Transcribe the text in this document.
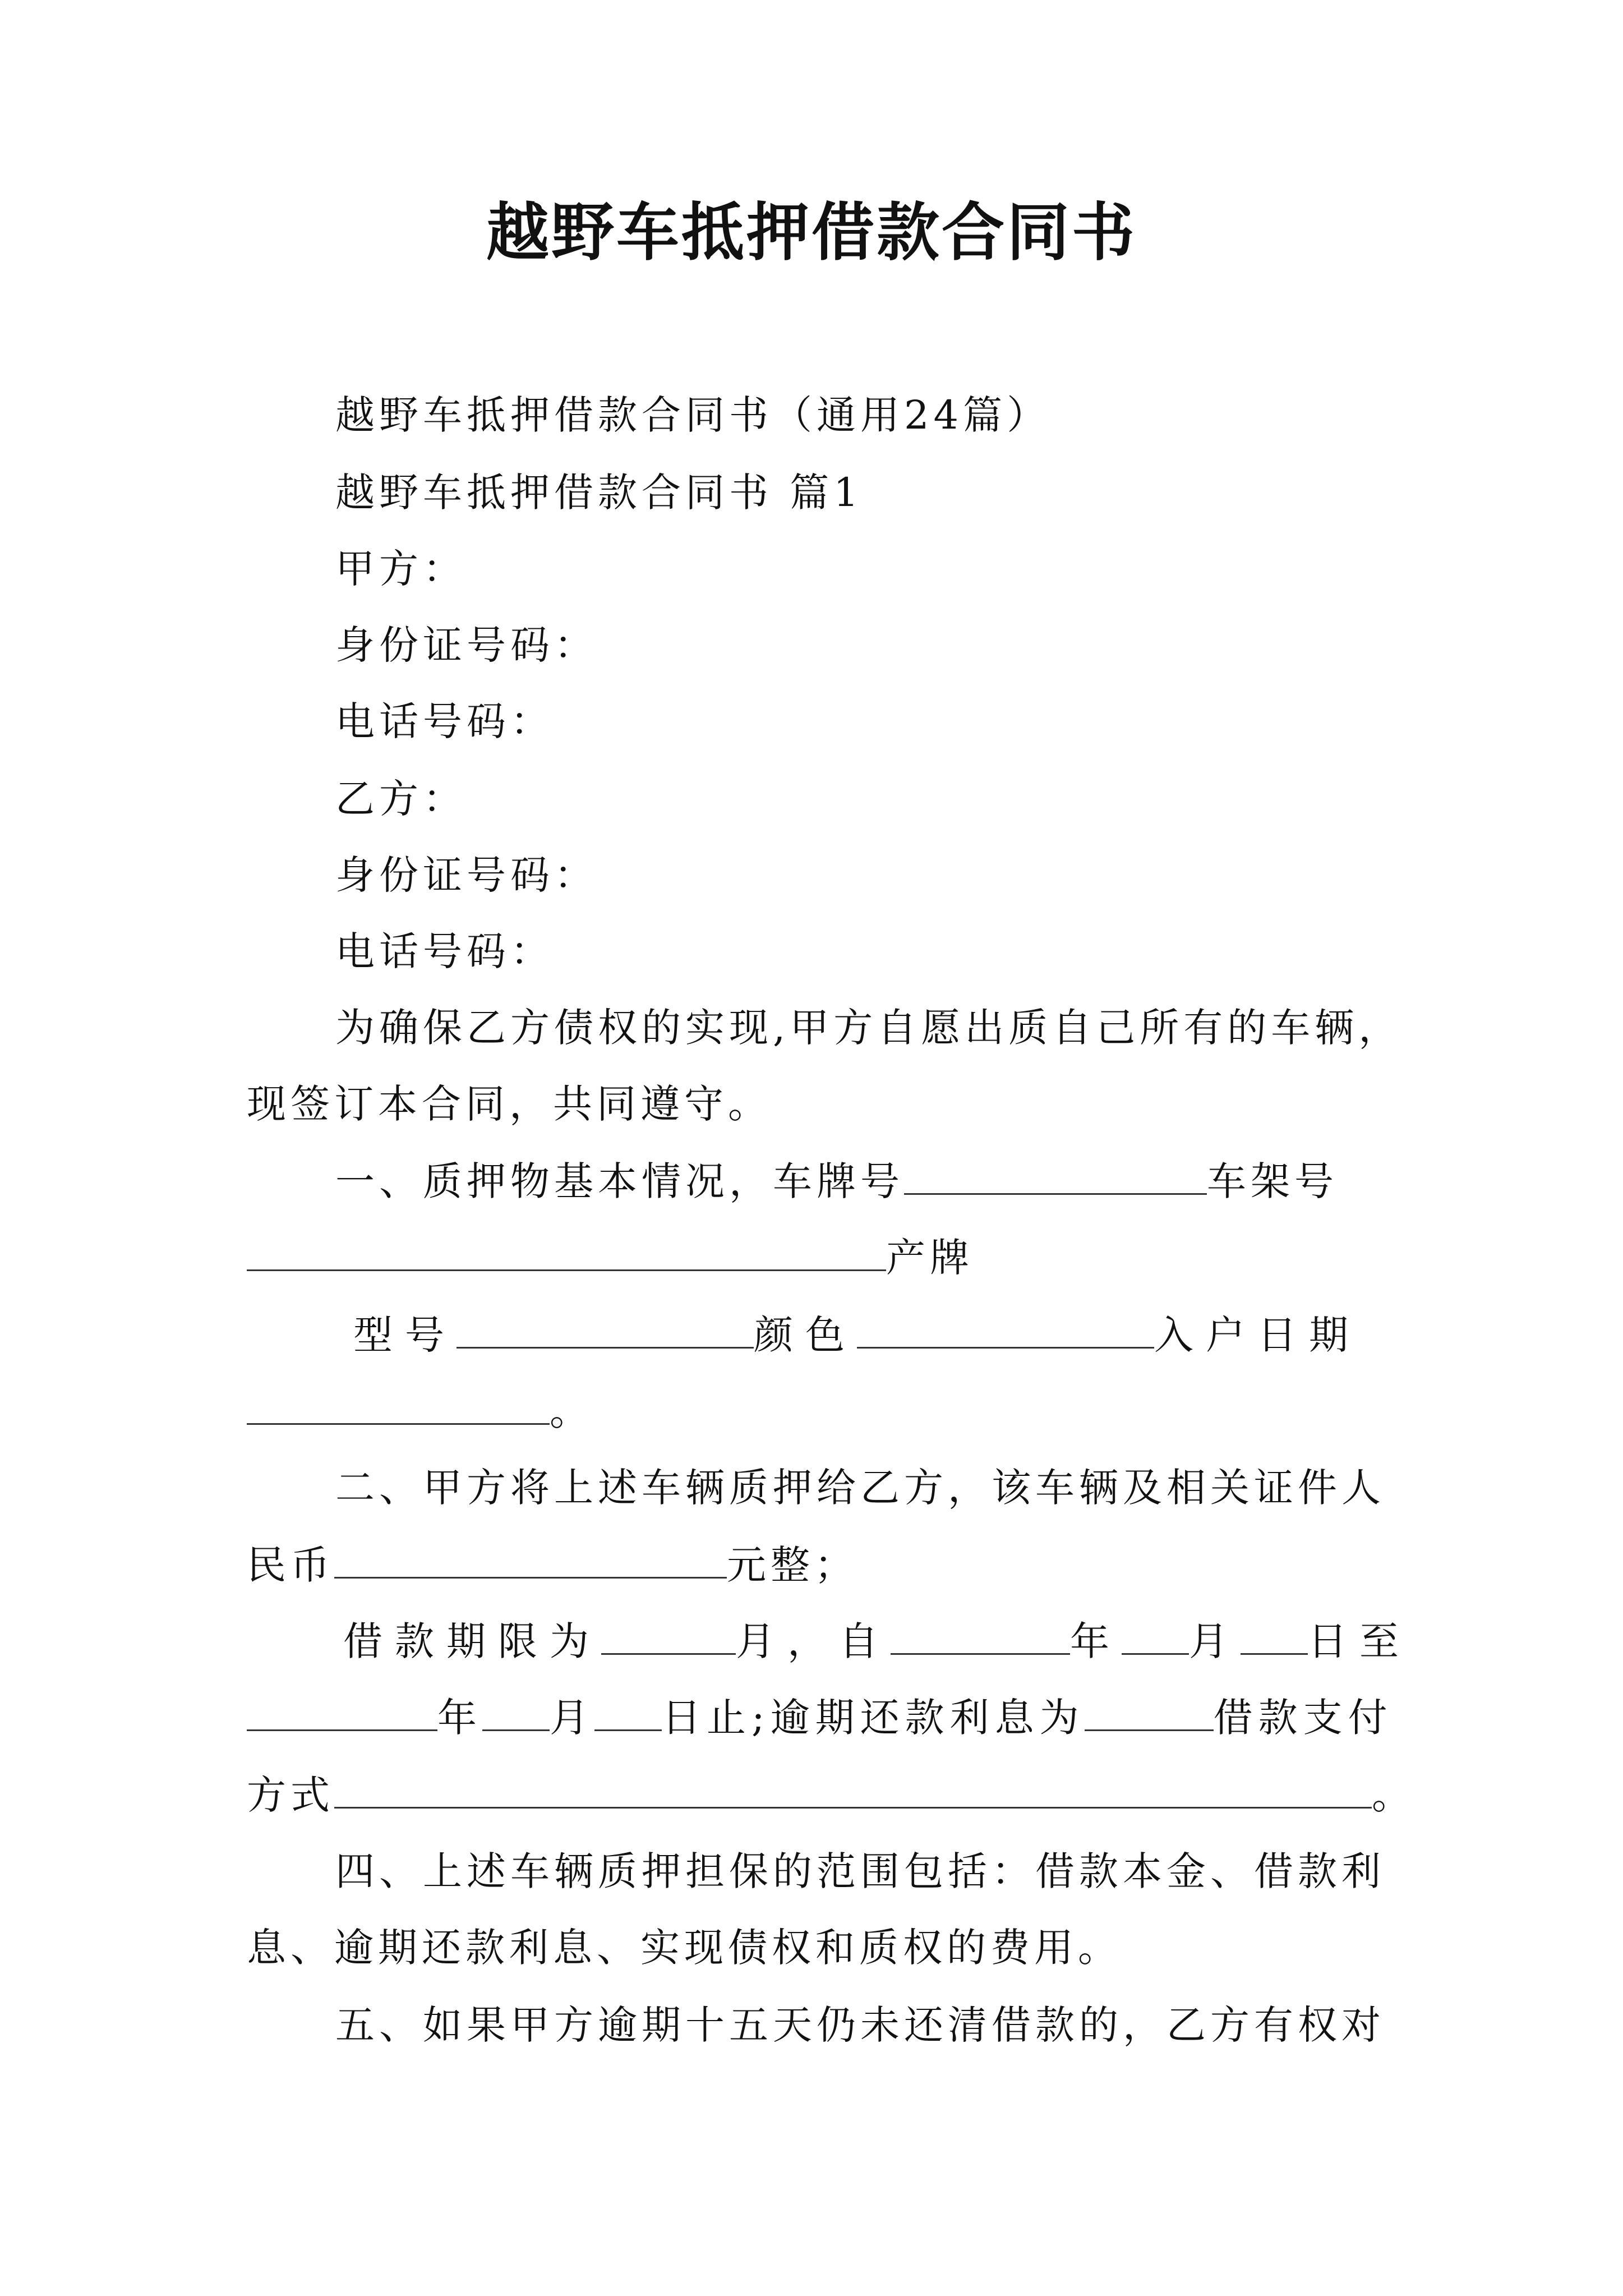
越野车抵押借款合同书
越野车抵押借款合同书（通用24篇）
越野车抵押借款合同书 篇1
甲方：
身份证号码：
电话号码：
乙方：
身份证号码：
电话号码：
为确保乙方债权的实现,甲方自愿出质自己所有的车辆，
现签订本合同，共同遵守。
一、质押物基本情况，车牌号	车架号
产牌
型号	颜色	入户日期
。
二、甲方将上述车辆质押给乙方，该车辆及相关证件人
民币	元整；
借款期限为	月，自	年 月 日至
年 月 日止;逾期还款利息为	借款支付
方式	。
四、上述车辆质押担保的范围包括：借款本金、借款利
息、逾期还款利息、实现债权和质权的费用。
五、如果甲方逾期十五天仍未还清借款的，乙方有权对
